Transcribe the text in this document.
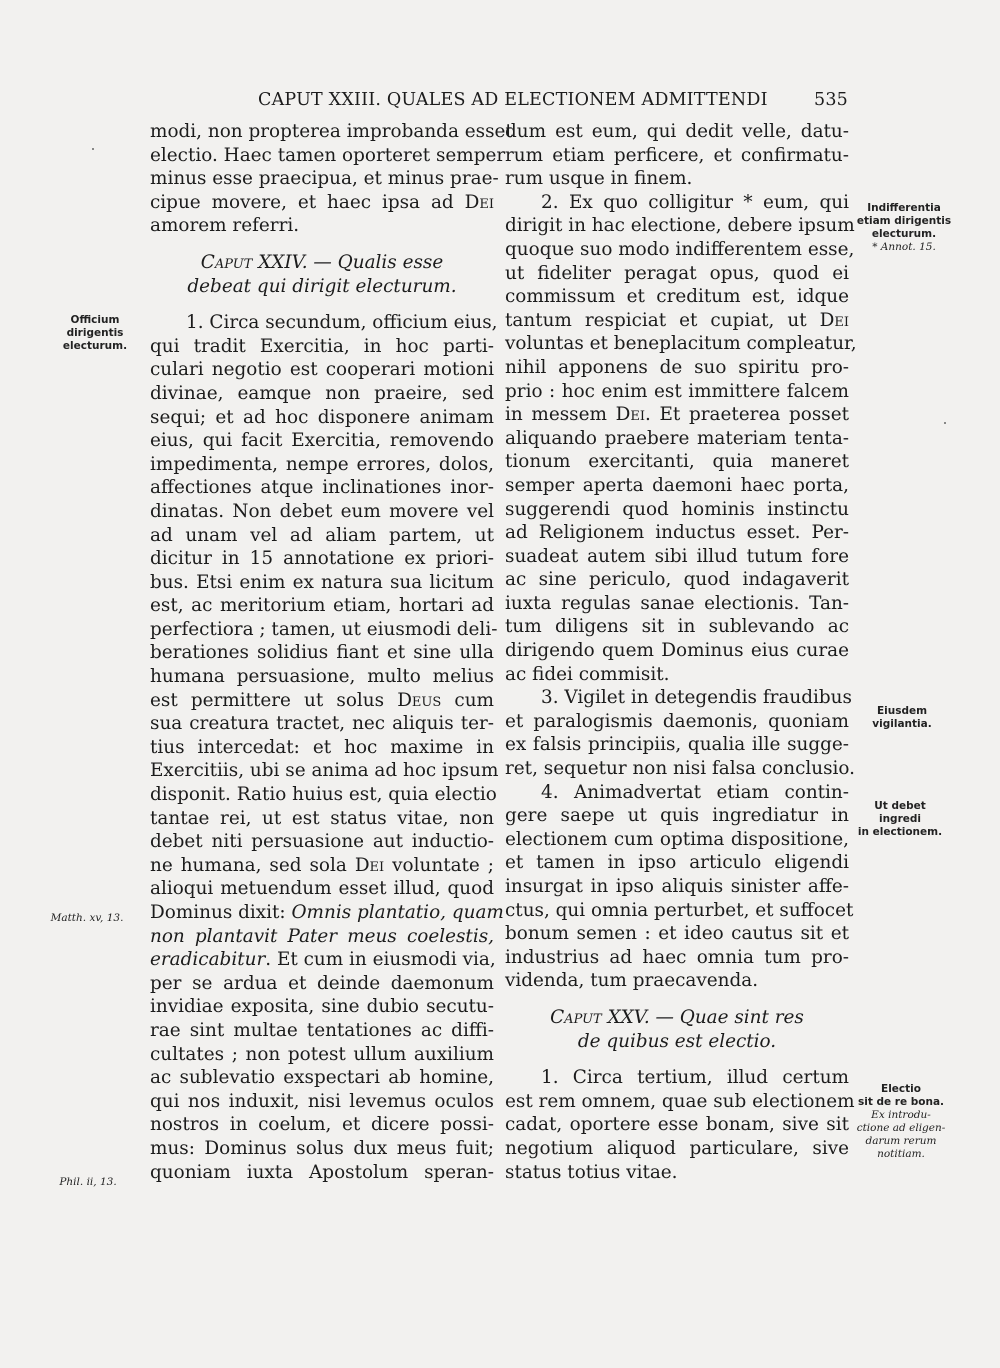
CAPUT XXIII. QUALES AD ELECTIONEM ADMITTENDI	535
modi, non propterea improbanda esset
electio. Haec tamen oporteret semper
minus esse praecipua, et minus prae-
cipue movere, et haec ipsa ad Dei
amorem referri.
Caput XXIV. — Qualis esse
debeat qui dirigit electurum.
1. Circa secundum, officium eius,
qui tradit Exercitia, in hoc parti-
culari negotio est cooperari motioni
divinae, eamque non praeire, sed
sequi; et ad hoc disponere animam
eius, qui facit Exercitia, removendo
impedimenta, nempe errores, dolos,
affectiones atque inclinationes inor-
dinatas. Non debet eum movere vel
ad unam vel ad aliam partem, ut
dicitur in 15 annotatione ex priori-
bus. Etsi enim ex natura sua licitum
est, ac meritorium etiam, hortari ad
perfectiora ; tamen, ut eiusmodi deli-
berationes solidius fiant et sine ulla
humana persuasione, multo melius
est permittere ut solus Deus cum
sua creatura tractet, nec aliquis ter-
tius intercedat: et hoc maxime in
Exercitiis, ubi se anima ad hoc ipsum
disponit. Ratio huius est, quia electio
tantae rei, ut est status vitae, non
debet niti persuasione aut inductio-
ne humana, sed sola Dei voluntate ;
alioqui metuendum esset illud, quod
Dominus dixit: Omnis plantatio, quam
non plantavit Pater meus coelestis,
eradicabitur. Et cum in eiusmodi via,
per se ardua et deinde daemonum
invidiae exposita, sine dubio secutu-
rae sint multae tentationes ac diffi-
cultates ; non potest ullum auxilium
ac sublevatio exspectari ab homine,
qui nos induxit, nisi levemus oculos
nostros in coelum, et dicere possi-
mus: Dominus solus dux meus fuit;
quoniam iuxta Apostolum speran-
dum est eum, qui dedit velle, datu-
rum etiam perficere, et confirmatu-
rum usque in finem.
2. Ex quo colligitur * eum, qui
dirigit in hac electione, debere ipsum
quoque suo modo indifferentem esse,
ut fideliter peragat opus, quod ei
commissum et creditum est, idque
tantum respiciat et cupiat, ut Dei
voluntas et beneplacitum compleatur,
nihil apponens de suo spiritu pro-
prio : hoc enim est immittere falcem
in messem Dei. Et praeterea posset
aliquando praebere materiam tenta-
tionum exercitanti, quia maneret
semper aperta daemoni haec porta,
suggerendi quod hominis instinctu
ad Religionem inductus esset. Per-
suadeat autem sibi illud tutum fore
ac sine periculo, quod indagaverit
iuxta regulas sanae electionis. Tan-
tum diligens sit in sublevando ac
dirigendo quem Dominus eius curae
ac fidei commisit.
3. Vigilet in detegendis fraudibus
et paralogismis daemonis, quoniam
ex falsis principiis, qualia ille sugge-
ret, sequetur non nisi falsa conclusio.
4. Animadvertat etiam contin-
gere saepe ut quis ingrediatur in
electionem cum optima dispositione,
et tamen in ipso articulo eligendi
insurgat in ipso aliquis sinister affe-
ctus, qui omnia perturbet, et suffocet
bonum semen : et ideo cautus sit et
industrius ad haec omnia tum pro-
videnda, tum praecavenda.
Caput XXV. — Quae sint res
de quibus est electio.
1. Circa tertium, illud certum
est rem omnem, quae sub electionem
cadat, oportere esse bonam, sive sit
negotium aliquod particulare, sive
status totius vitae.
Officium
dirigentis
electurum.
Matth. xv, 13.
Phil. ii, 13.
Indifferentia
etiam dirigentis
electurum.
* Annot. 15.
Eiusdem
vigilantia.
Ut debet
ingredi
in electionem.
Electio
sit de re bona.
Ex introdu-
ctione ad eligen-
darum rerum
notitiam.
